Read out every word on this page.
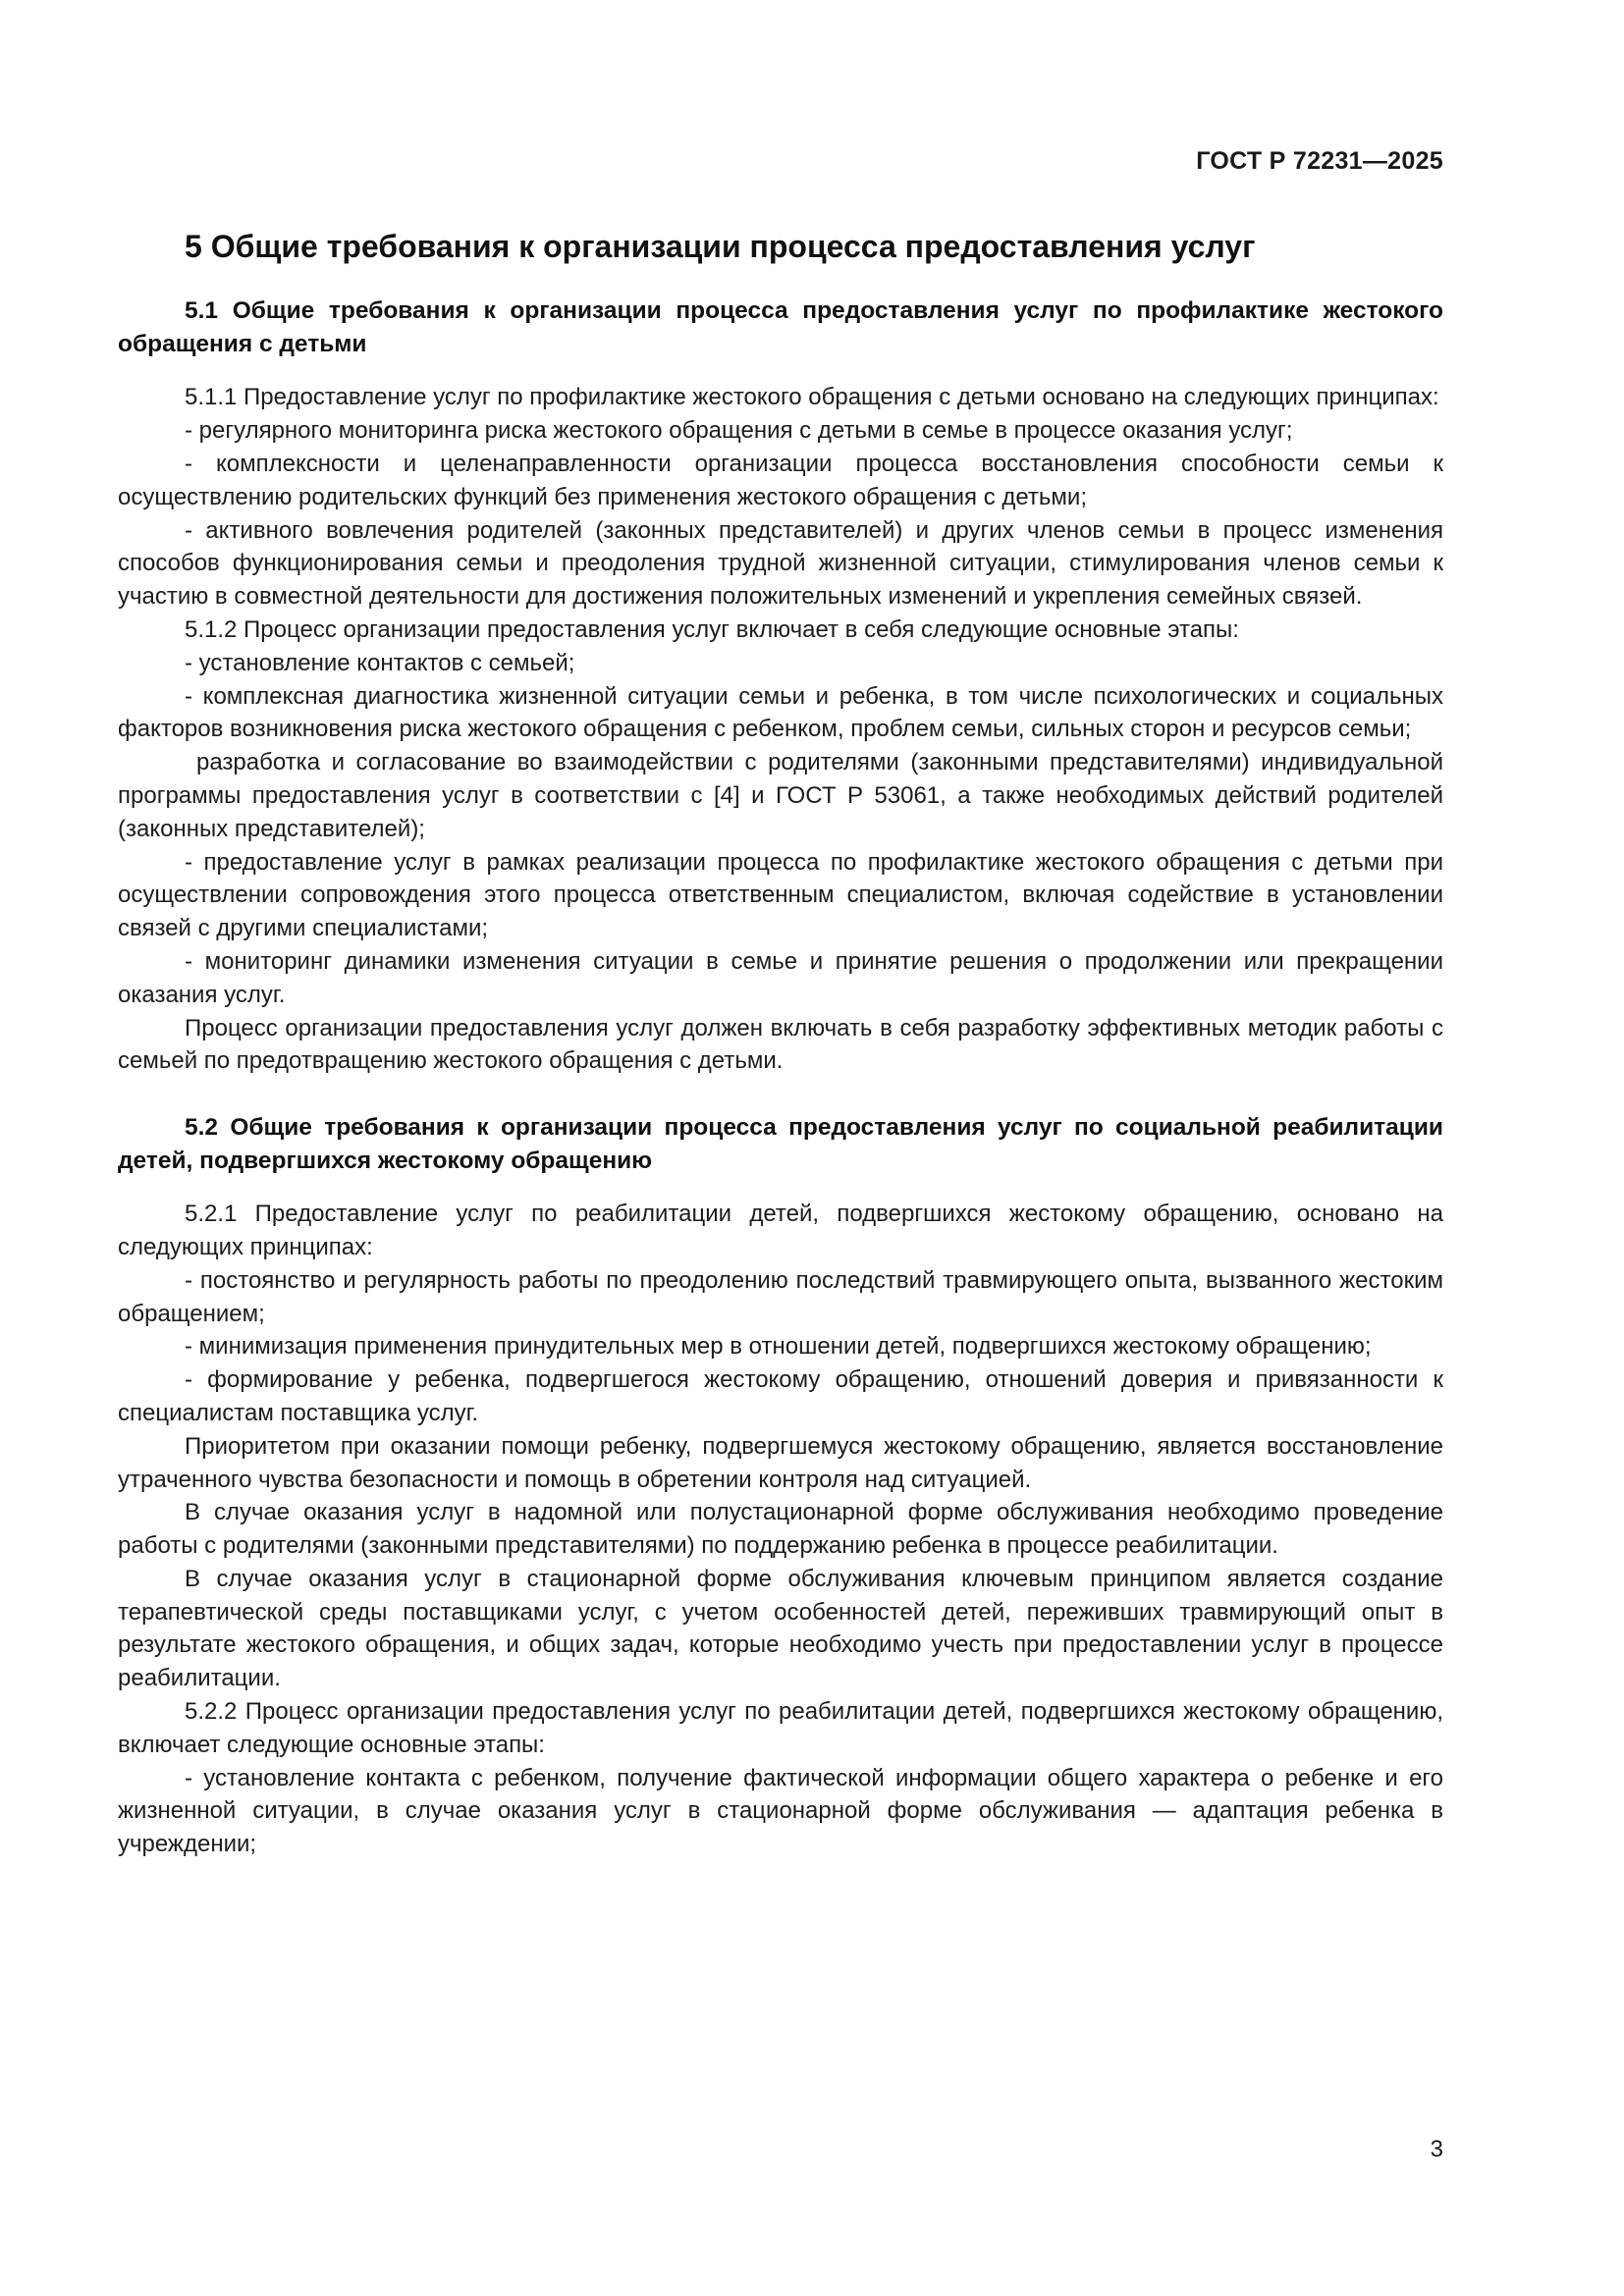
ГОСТ Р 72231—2025
5 Общие требования к организации процесса предоставления услуг
5.1 Общие требования к организации процесса предоставления услуг по профилактике жестокого обращения с детьми

5.1.1 Предоставление услуг по профилактике жестокого обращения с детьми основано на следующих принципах:

- регулярного мониторинга риска жестокого обращения с детьми в семье в процессе оказания услуг;

- комплексности и целенаправленности организации процесса восстановления способности семьи к осуществлению родительских функций без применения жестокого обращения с детьми;

- активного вовлечения родителей (законных представителей) и других членов семьи в процесс изменения способов функционирования семьи и преодоления трудной жизненной ситуации, стимулирования членов семьи к участию в совместной деятельности для достижения положительных изменений и укрепления семейных связей.

5.1.2 Процесс организации предоставления услуг включает в себя следующие основные этапы:

- установление контактов с семьей;

- комплексная диагностика жизненной ситуации семьи и ребенка, в том числе психологических и социальных факторов возникновения риска жестокого обращения с ребенком, проблем семьи, сильных сторон и ресурсов семьи;

разработка и согласование во взаимодействии с родителями (законными представителями) индивидуальной программы предоставления услуг в соответствии с [4] и ГОСТ Р 53061, а также необходимых действий родителей (законных представителей);

- предоставление услуг в рамках реализации процесса по профилактике жестокого обращения с детьми при осуществлении сопровождения этого процесса ответственным специалистом, включая содействие в установлении связей с другими специалистами;

- мониторинг динамики изменения ситуации в семье и принятие решения о продолжении или прекращении оказания услуг.

Процесс организации предоставления услуг должен включать в себя разработку эффективных методик работы с семьей по предотвращению жестокого обращения с детьми.

5.2 Общие требования к организации процесса предоставления услуг по социальной реабилитации детей, подвергшихся жестокому обращению

5.2.1 Предоставление услуг по реабилитации детей, подвергшихся жестокому обращению, основано на следующих принципах:

- постоянство и регулярность работы по преодолению последствий травмирующего опыта, вызванного жестоким обращением;

- минимизация применения принудительных мер в отношении детей, подвергшихся жестокому обращению;

- формирование у ребенка, подвергшегося жестокому обращению, отношений доверия и привязанности к специалистам поставщика услуг.

Приоритетом при оказании помощи ребенку, подвергшемуся жестокому обращению, является восстановление утраченного чувства безопасности и помощь в обретении контроля над ситуацией.

В случае оказания услуг в надомной или полустационарной форме обслуживания необходимо проведение работы с родителями (законными представителями) по поддержанию ребенка в процессе реабилитации.

В случае оказания услуг в стационарной форме обслуживания ключевым принципом является создание терапевтической среды поставщиками услуг, с учетом особенностей детей, переживших травмирующий опыт в результате жестокого обращения, и общих задач, которые необходимо учесть при предоставлении услуг в процессе реабилитации.

5.2.2 Процесс организации предоставления услуг по реабилитации детей, подвергшихся жестокому обращению, включает следующие основные этапы:

- установление контакта с ребенком, получение фактической информации общего характера о ребенке и его жизненной ситуации, в случае оказания услуг в стационарной форме обслуживания — адаптация ребенка в учреждении;

3
